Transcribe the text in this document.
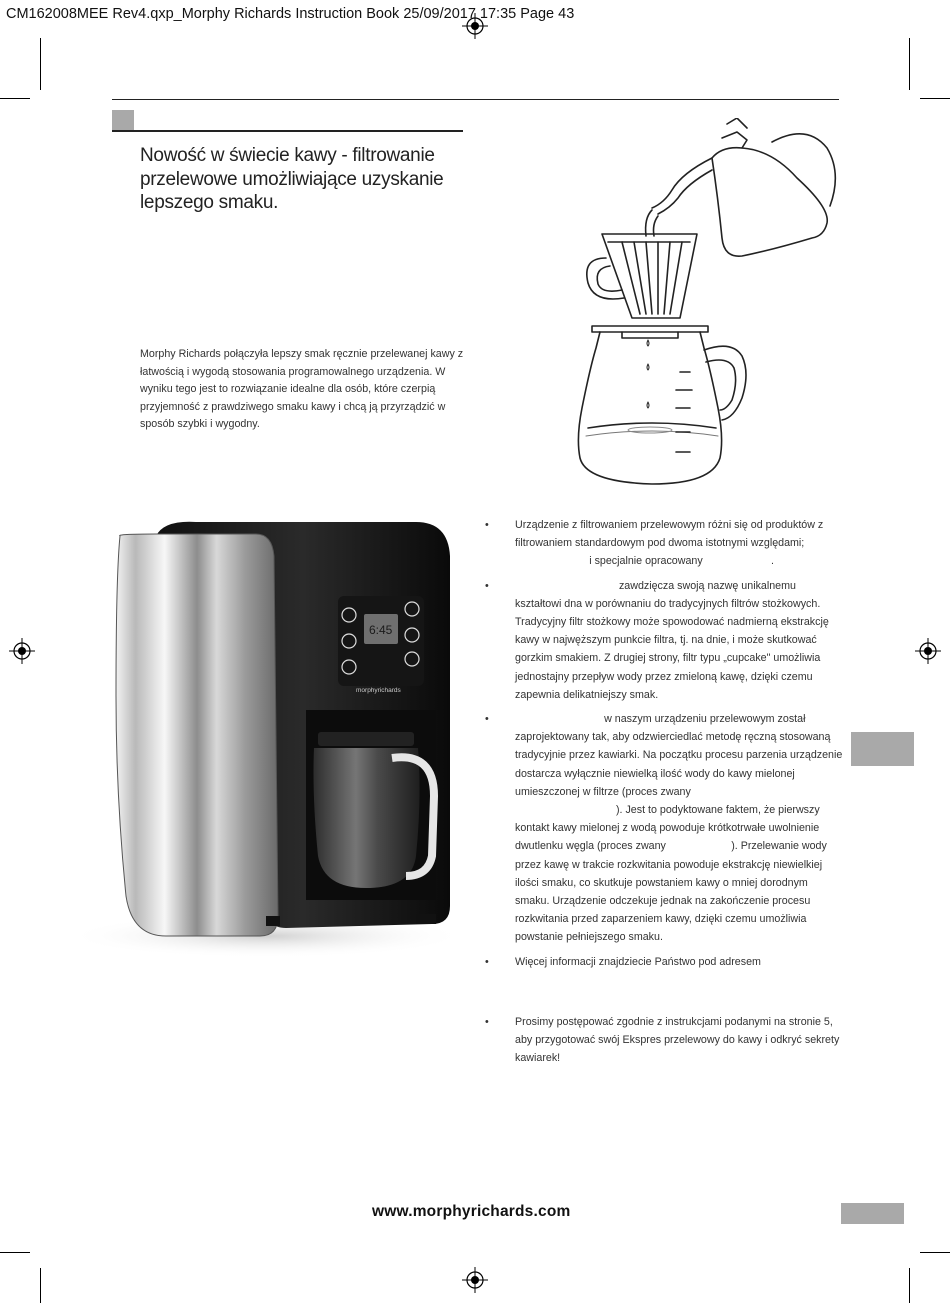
CM162008MEE Rev4.qxp_Morphy Richards Instruction Book 25/09/2017 17:35 Page 43
Nowość w świecie kawy - filtrowanie przelewowe umożliwiające uzyskanie lepszego smaku.
Morphy Richards połączyła lepszy smak ręcznie przelewanej kawy z łatwością i wygodą stosowania programowalnego urządzenia. W wyniku tego jest to rozwiązanie idealne dla osób, które czerpią przyjemność z prawdziwego smaku kawy i chcą ją przyrządzić w sposób szybki i wygodny.
6:45
morphyrichards
• Urządzenie z filtrowaniem przelewowym różni się od produktów z filtrowaniem standardowym pod dwoma istotnymi względami;
i specjalnie opracowany                       .

• zawdzięcza swoją nazwę unikalnemu kształtowi dna w porównaniu do tradycyjnych filtrów stożkowych. Tradycyjny filtr stożkowy może spowodować nadmierną ekstrakcję kawy w najwęższym punkcie filtra, tj. na dnie, i może skutkować gorzkim smakiem. Z drugiej strony, filtr typu „cupcake" umożliwia jednostajny przepływ wody przez zmieloną kawę, dzięki czemu zapewnia delikatniejszy smak.

•	w naszym urządzeniu przelewowym został zaprojektowany tak, aby odzwierciedlać metodę ręczną stosowaną tradycyjnie przez kawiarki. Na początku procesu parzenia urządzenie dostarcza wyłącznie niewielką ilość wody do kawy mielonej umieszczonej w filtrze (proces zwany
). Jest to podyktowane faktem, że pierwszy kontakt kawy mielonej z wodą powoduje krótkotrwałe uwolnienie dwutlenku węgla (proces zwany                      ). Przelewanie wody przez kawę w trakcie rozkwitania powoduje ekstrakcję niewielkiej ilości smaku, co skutkuje powstaniem kawy o mniej dorodnym smaku. Urządzenie odczekuje jednak na zakończenie procesu rozkwitania przed zaparzeniem kawy, dzięki czemu umożliwia powstanie pełniejszego smaku.

• Więcej informacji znajdziecie Państwo pod adresem

• Prosimy postępować zgodnie z instrukcjami podanymi na stronie 5, aby przygotować swój Ekspres przelewowy do kawy i odkryć sekrety kawiarek!

www.morphyrichards.com
